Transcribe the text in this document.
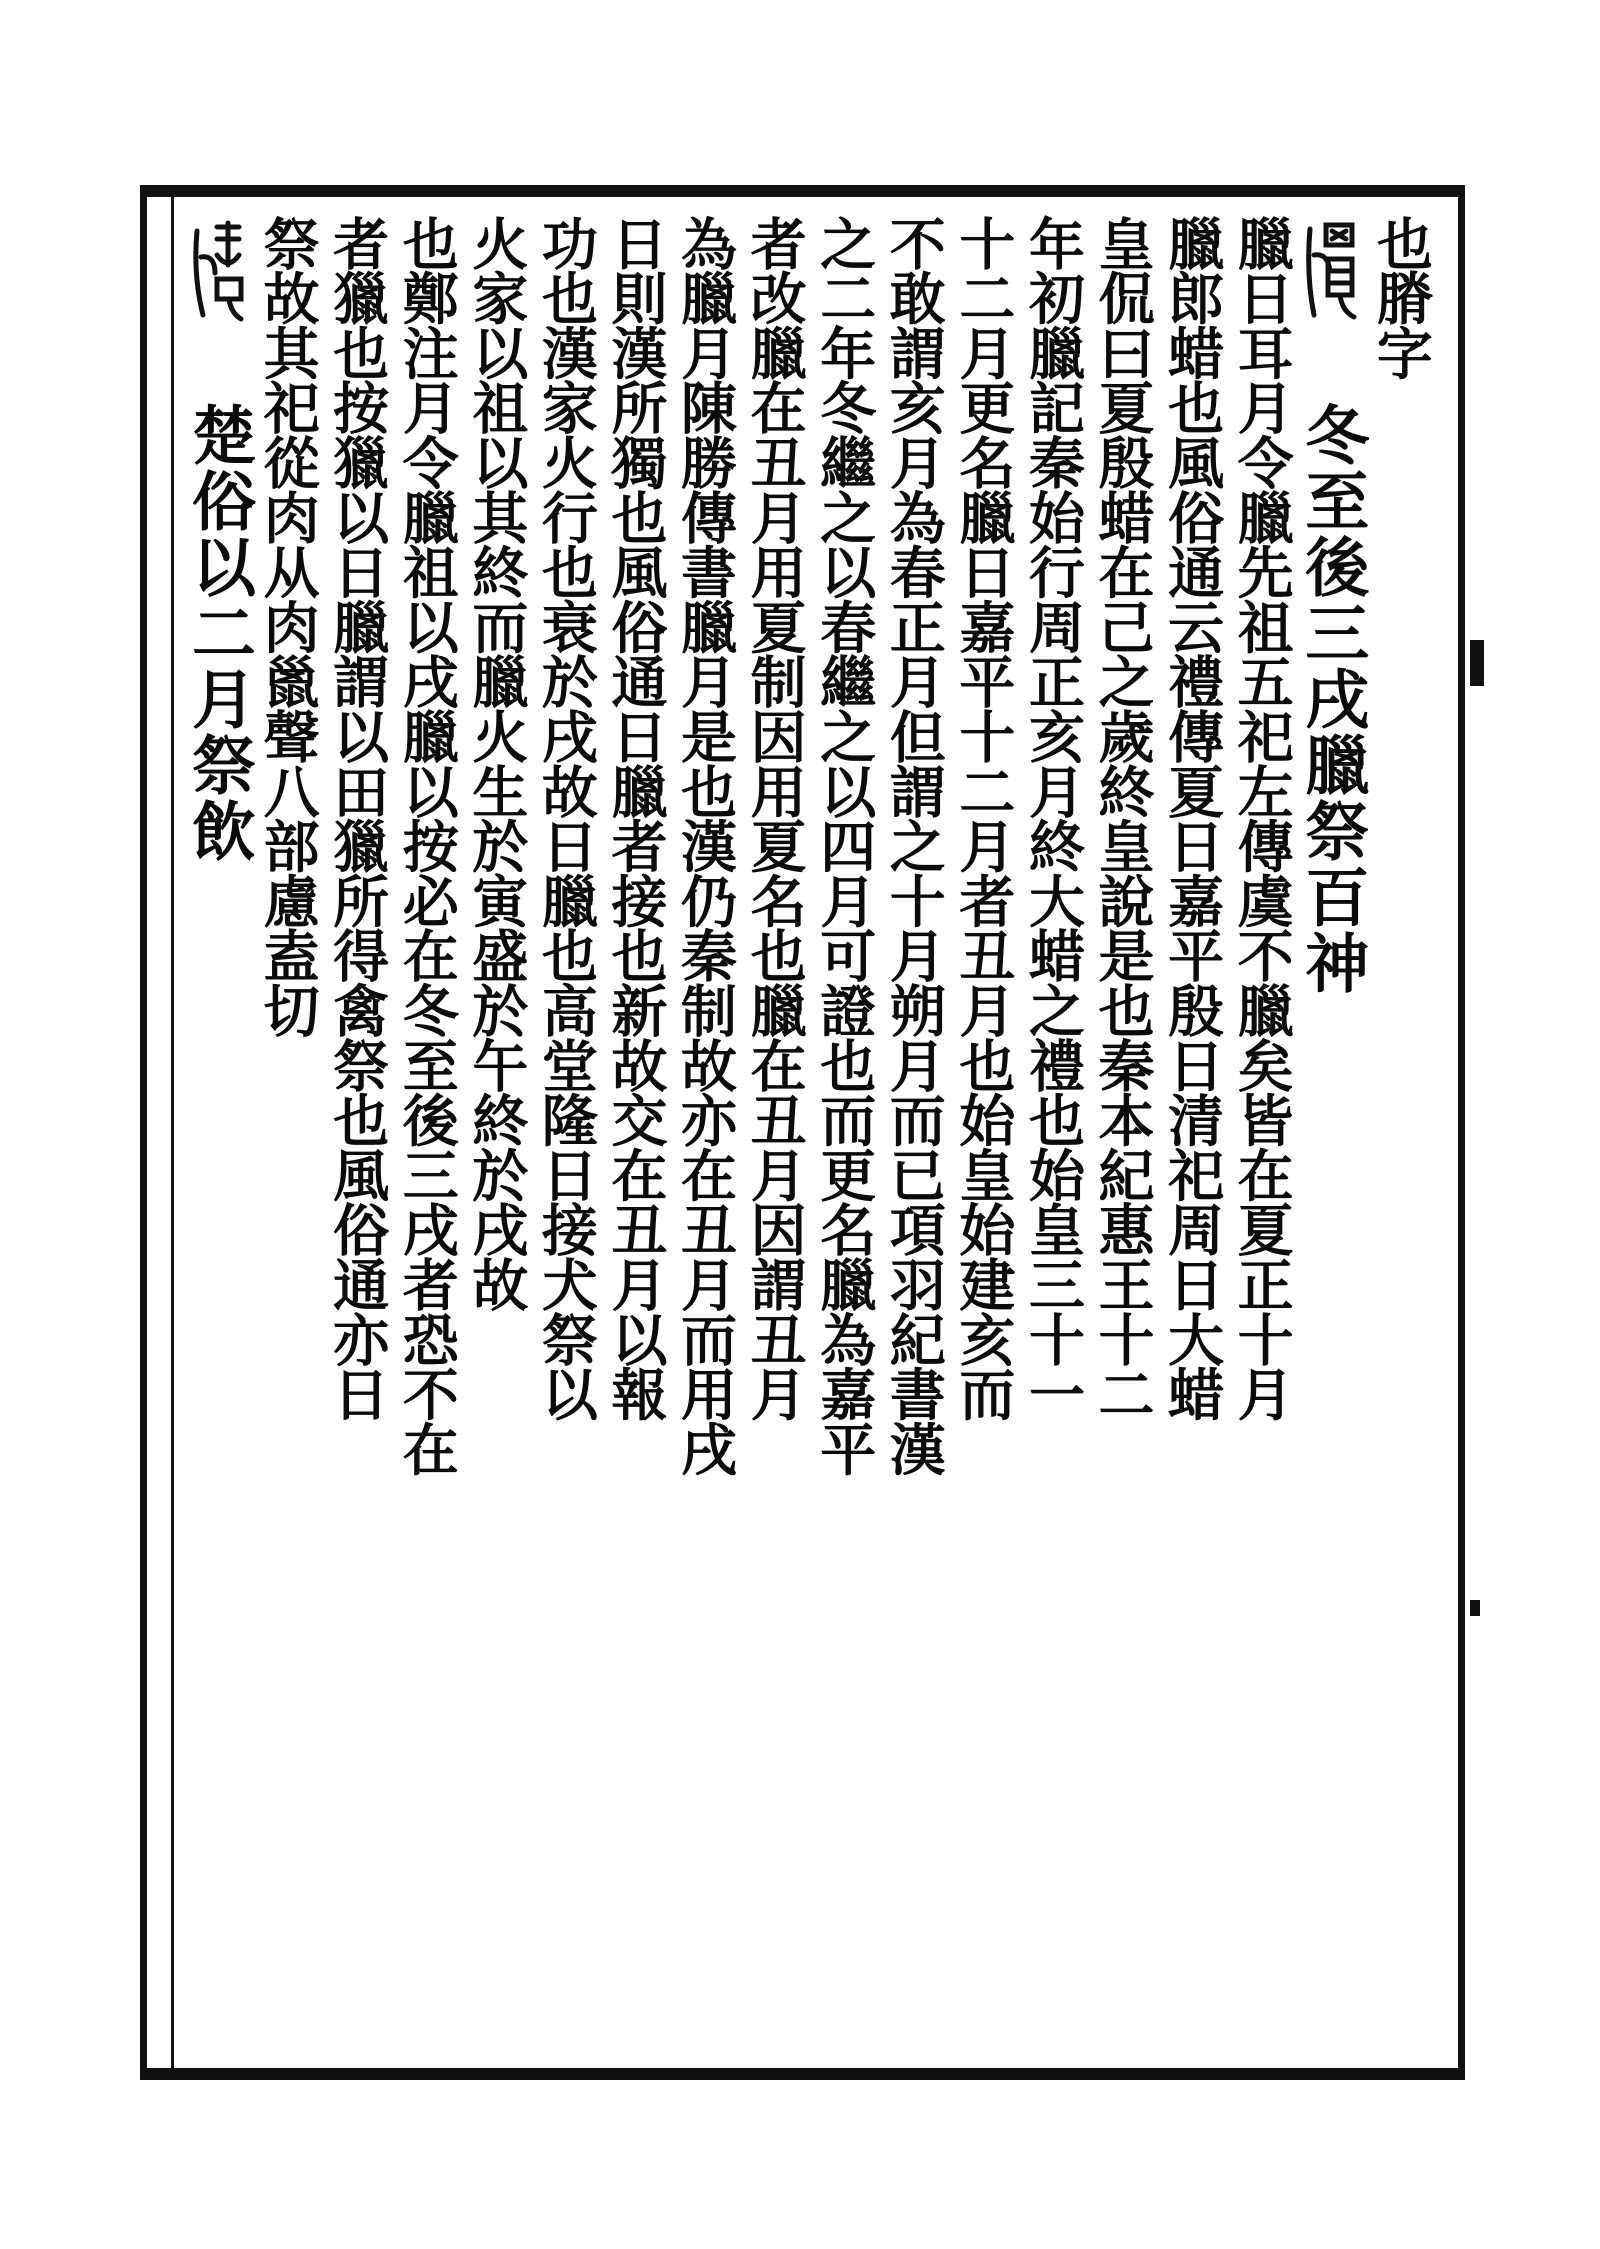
也膌字
冬至後三戌臘祭百神
臘日耳月令臘先祖五祀左傳虞不臘矣皆在夏正十月
臘郎蜡也風俗通云禮傳夏日嘉平殷日清祀周日大蜡
皇侃曰夏殷蜡在己之歲終皇說是也秦本紀惠王十二
年初臘記秦始行周正亥月終大蜡之禮也始皇三十一
十二月更名臘日嘉平十二月者丑月也始皇始建亥而
不敢謂亥月為春正月但謂之十月朔月而已項羽紀書漢
之二年冬繼之以春繼之以四月可證也而更名臘為嘉平
者改臘在丑月用夏制因用夏名也臘在丑月因謂丑月
為臘月陳勝傳書臘月是也漢仍秦制故亦在丑月而用戌
日則漢所獨也風俗通日臘者接也新故交在丑月以報
功也漢家火行也衰於戌故日臘也高堂隆日接犬祭以
火家以祖以其終而臘火生於寅盛於午終於戌故
也鄭注月令臘祖以戌臘以按必在冬至後三戌者恐不在
者獵也按獵以日臘謂以田獵所得禽祭也風俗通亦日
祭故其祀從肉从肉巤聲八部慮盍切
楚俗以二月祭飲
